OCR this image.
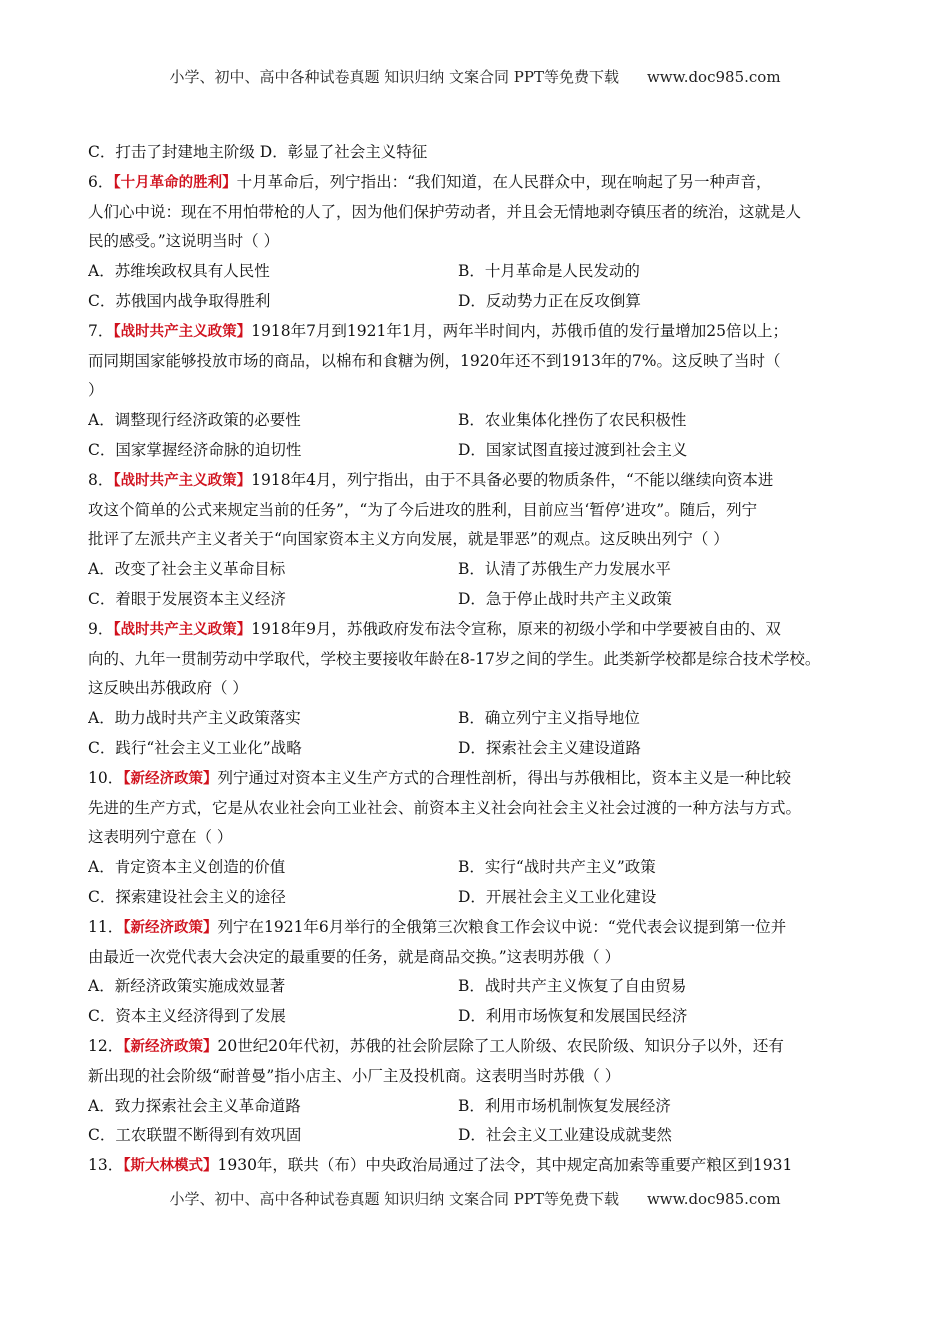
小学、初中、高中各种试卷真题 知识归纳 文案合同 PPT等免费下载 www.doc985.com
C．打击了封建地主阶级 D．彰显了社会主义特征
6．【十月革命的胜利】十月革命后，列宁指出：“我们知道，在人民群众中，现在响起了另一种声音，
人们心中说：现在不用怕带枪的人了，因为他们保护劳动者，并且会无情地剥夺镇压者的统治，这就是人
民的感受。”这说明当时（ ）
A．苏维埃政权具有人民性	B．十月革命是人民发动的
C．苏俄国内战争取得胜利	D．反动势力正在反攻倒算
7．【战时共产主义政策】1918年7月到1921年1月，两年半时间内，苏俄币值的发行量增加25倍以上；
而同期国家能够投放市场的商品，以棉布和食糖为例，1920年还不到1913年的7%。这反映了当时（
）
A．调整现行经济政策的必要性	B．农业集体化挫伤了农民积极性
C．国家掌握经济命脉的迫切性	D．国家试图直接过渡到社会主义
8．【战时共产主义政策】1918年4月，列宁指出，由于不具备必要的物质条件，“不能以继续向资本进
攻这个简单的公式来规定当前的任务”，“为了今后进攻的胜利，目前应当‘暂停’进攻”。随后，列宁
批评了左派共产主义者关于“向国家资本主义方向发展，就是罪恶”的观点。这反映出列宁（ ）
A．改变了社会主义革命目标	B．认清了苏俄生产力发展水平
C．着眼于发展资本主义经济	D．急于停止战时共产主义政策
9．【战时共产主义政策】1918年9月，苏俄政府发布法令宣称，原来的初级小学和中学要被自由的、双
向的、九年一贯制劳动中学取代，学校主要接收年龄在8-17岁之间的学生。此类新学校都是综合技术学校。
这反映出苏俄政府（ ）
A．助力战时共产主义政策落实	B．确立列宁主义指导地位
C．践行“社会主义工业化”战略	D．探索社会主义建设道路
10．【新经济政策】列宁通过对资本主义生产方式的合理性剖析，得出与苏俄相比，资本主义是一种比较
先进的生产方式，它是从农业社会向工业社会、前资本主义社会向社会主义社会过渡的一种方法与方式。
这表明列宁意在（ ）
A．肯定资本主义创造的价值	B．实行“战时共产主义”政策
C．探索建设社会主义的途径	D．开展社会主义工业化建设
11．【新经济政策】列宁在1921年6月举行的全俄第三次粮食工作会议中说：“党代表会议提到第一位并
由最近一次党代表大会决定的最重要的任务，就是商品交换。”这表明苏俄（ ）
A．新经济政策实施成效显著	B．战时共产主义恢复了自由贸易
C．资本主义经济得到了发展	D．利用市场恢复和发展国民经济
12．【新经济政策】20世纪20年代初，苏俄的社会阶层除了工人阶级、农民阶级、知识分子以外，还有
新出现的社会阶级“耐普曼”指小店主、小厂主及投机商。这表明当时苏俄（ ）
A．致力探索社会主义革命道路	B．利用市场机制恢复发展经济
C．工农联盟不断得到有效巩固	D．社会主义工业建设成就斐然
13．【斯大林模式】1930年，联共（布）中央政治局通过了法令，其中规定高加索等重要产粮区到1931
小学、初中、高中各种试卷真题 知识归纳 文案合同 PPT等免费下载 www.doc985.com
